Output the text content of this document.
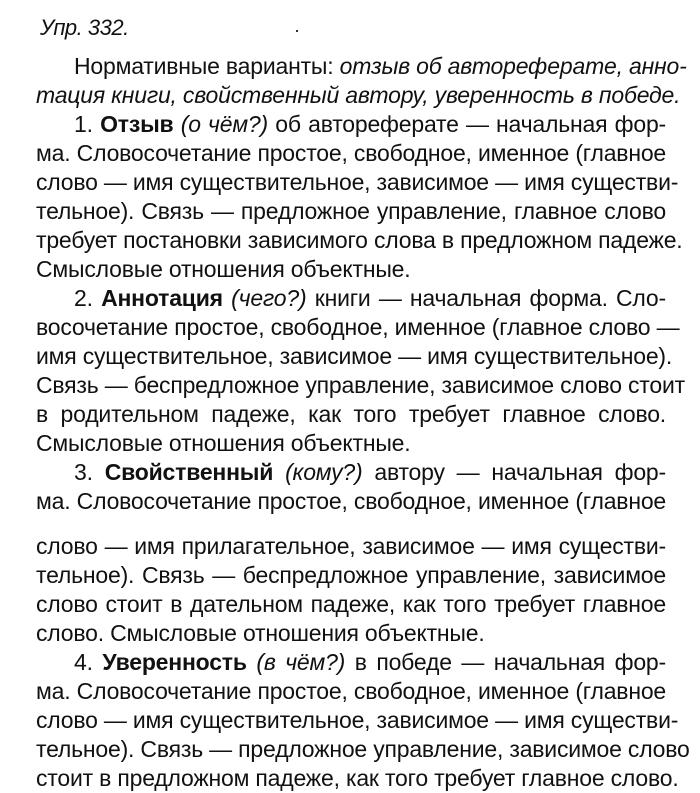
Упр. 332.
Нормативные варианты: отзыв об автореферате, анно-
тация книги, свойственный автору, уверенность в победе.
1. Отзыв (о чём?) об автореферате — начальная фор-
ма. Словосочетание простое, свободное, именное (главное
слово — имя существительное, зависимое — имя существи-
тельное). Связь — предложное управление, главное слово
требует постановки зависимого слова в предложном падеже.
Смысловые отношения объектные.
2. Аннотация (чего?) книги — начальная форма. Сло-
восочетание простое, свободное, именное (главное слово —
имя существительное, зависимое — имя существительное).
Связь — беспредложное управление, зависимое слово стоит
в родительном падеже, как того требует главное слово.
Смысловые отношения объектные.
3. Свойственный (кому?) автору — начальная фор-
ма. Словосочетание простое, свободное, именное (главное
слово — имя прилагательное, зависимое — имя существи-
тельное). Связь — беспредложное управление, зависимое
слово стоит в дательном падеже, как того требует главное
слово. Смысловые отношения объектные.
4. Уверенность (в чём?) в победе — начальная фор-
ма. Словосочетание простое, свободное, именное (главное
слово — имя существительное, зависимое — имя существи-
тельное). Связь — предложное управление, зависимое слово
стоит в предложном падеже, как того требует главное слово.
